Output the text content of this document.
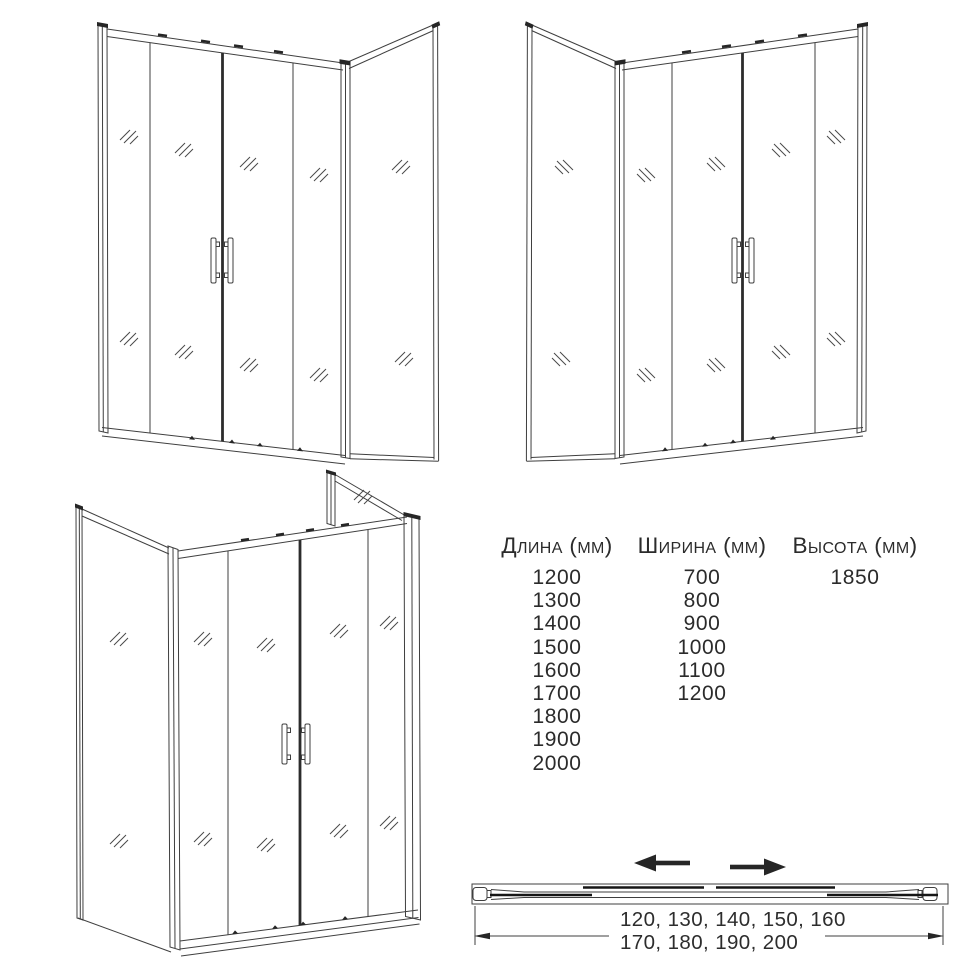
Длина (мм)
1200
1300
1400
1500
1600
1700
1800
1900
2000
Ширина (мм)
700
800
900
1000
1100
1200
Высота (мм)
1850
120, 130, 140, 150, 160
170, 180, 190, 200
